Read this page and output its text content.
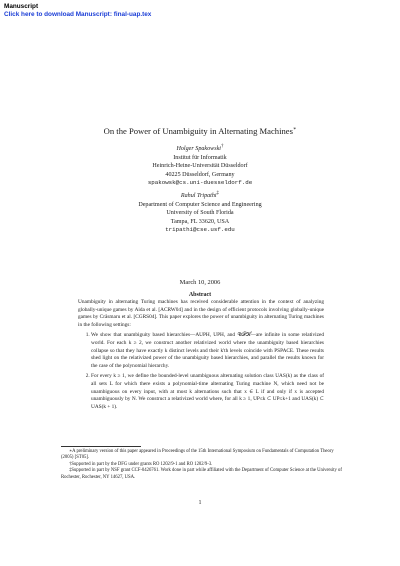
Manuscript
Click here to download Manuscript: final-uap.tex
On the Power of Unambiguity in Alternating Machines∗
Holger Spakowski†
Institut für Informatik
Heinrich-Heine-Universität Düsseldorf
40225 Düsseldorf, Germany
spakowsk@cs.uni-duesseldorf.de
Rahul Tripathi‡
Department of Computer Science and Engineering
University of South Florida
Tampa, FL 33620, USA
tripathi@cse.usf.edu
March 10, 2006
Abstract

Unambiguity in alternating Turing machines has received considerable attention in the context of analyzing globally-unique games by Aida et al. [ACRW04] and in the design of efficient protocols involving globally-unique games by Crâsmaru et al. [CGRS04]. This paper explores the power of unambiguity in alternating Turing machines in the following settings:

1. We show that unambiguity based hierarchies—AUPH, UPH, and 𝒰𝒫ℋ—are infinite in some relativized world. For each k ≥ 2, we construct another relativized world where the unambiguity based hierarchies collapse so that they have exactly k distinct levels and their k'th levels coincide with PSPACE. These results shed light on the relativized power of the unambiguity based hierarchies, and parallel the results known for the case of the polynomial hierarchy.
2. For every k ≥ 1, we define the bounded-level unambiguous alternating solution class UAS(k) as the class of all sets L for which there exists a polynomial-time alternating Turing machine N, which need not be unambiguous on every input, with at most k alternations such that x ∈ L if and only if x is accepted unambiguously by N. We construct a relativized world where, for all k ≥ 1, UP≤k ⊂ UP≤k+1 and UAS(k) ⊂ UAS(k + 1).

∗A preliminary version of this paper appeared in Proceedings of the 15th International Symposium on Fundamentals of Computation Theory (2005) [ST05].

†Supported in part by the DFG under grants RO 1202/9-1 and RO 1202/9-3.

‡Supported in part by NSF grant CCF-0426761. Work done in part while affiliated with the Department of Computer Science at the University of Rochester, Rochester, NY 14627, USA.

1
